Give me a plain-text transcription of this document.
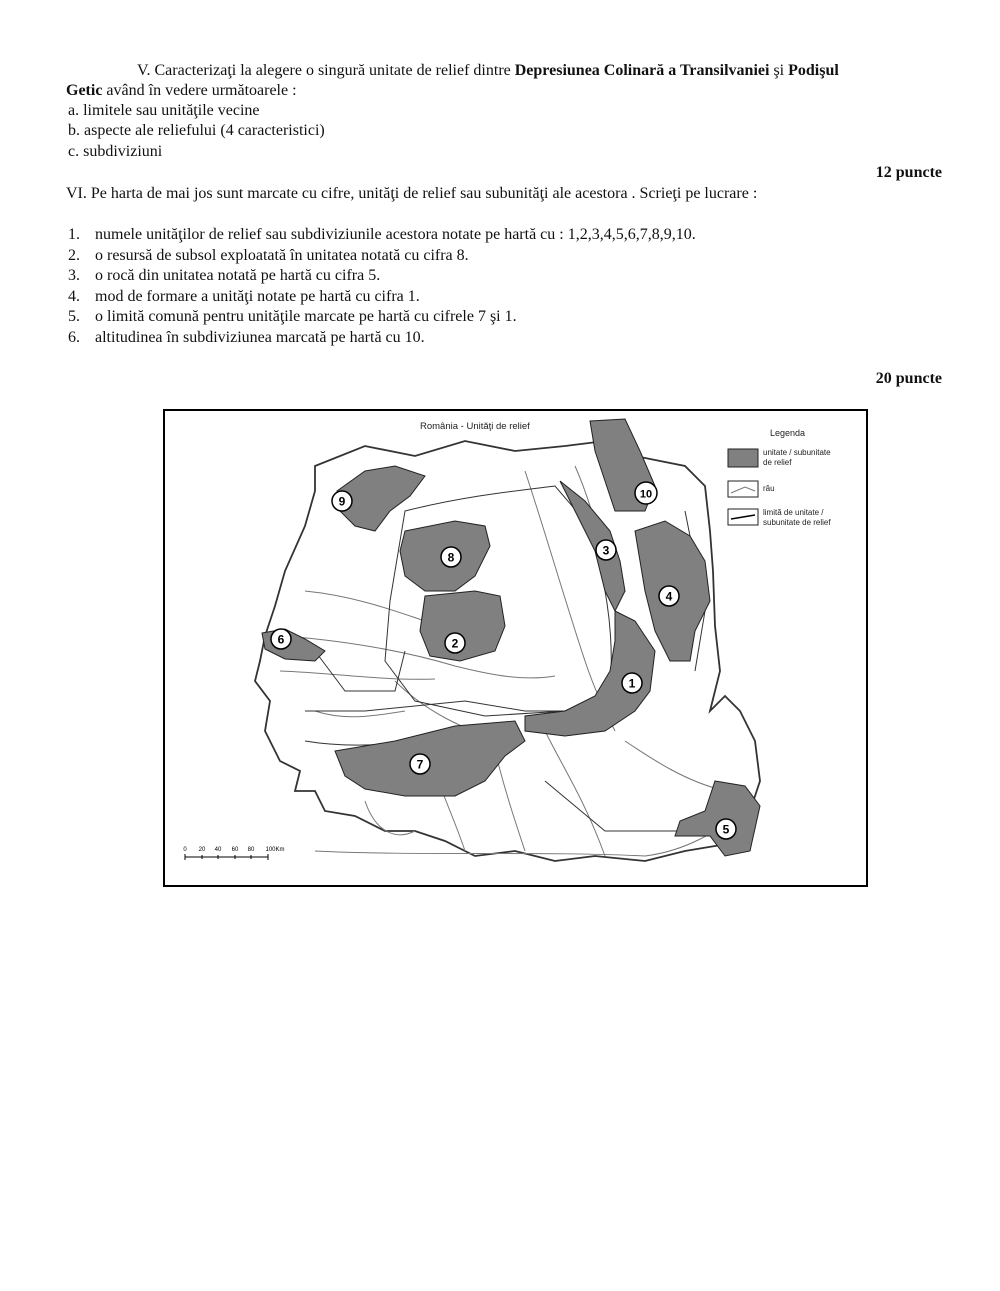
V. Caracterizaţi la alegere o singură unitate de relief dintre Depresiunea Colinară a Transilvaniei şi Podişul
Getic având în vedere următoarele :
a. limitele sau unităţile vecine
b. aspecte ale reliefului (4 caracteristici)
c. subdiviziuni
12 puncte
VI. Pe harta de mai jos sunt marcate cu cifre, unităţi de relief sau subunităţi ale acestora . Scrieţi pe lucrare :
1. numele unităţilor de relief sau subdiviziunile acestora notate pe hartă cu : 1,2,3,4,5,6,7,8,9,10.
2. o resursă de subsol exploatată în unitatea notată cu cifra 8.
3. o rocă din unitatea notată pe hartă cu cifra 5.
4. mod de formare a unităţi notate pe hartă cu cifra 1.
5. o limită comună pentru unităţile marcate pe hartă cu cifrele 7 şi 1.
6. altitudinea în subdiviziunea marcată pe hartă cu 10.
20 puncte
România - Unităţi de relief
Legenda
unitate / subunitate
de relief
râu
limită de unitate /
subunitate de relief
1
2
3
4
5
6
7
8
9	10
0 20 40 60 80 100Km
